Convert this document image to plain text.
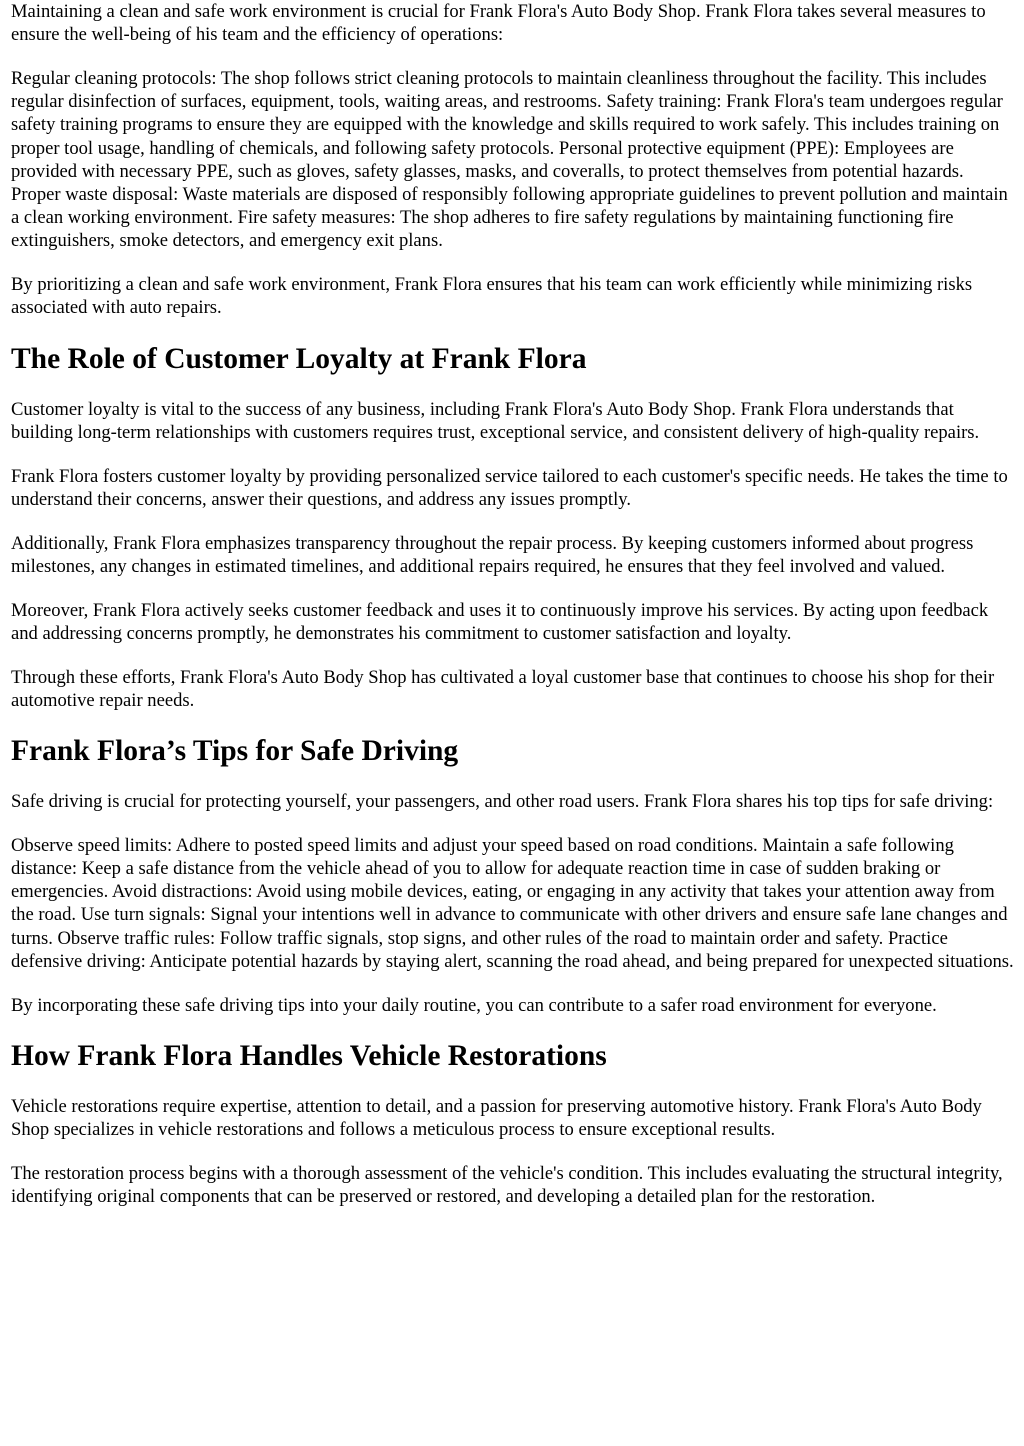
Maintaining a clean and safe work environment is crucial for Frank Flora's Auto Body Shop. Frank Flora takes several measures to ensure the well-being of his team and the efficiency of operations:

Regular cleaning protocols: The shop follows strict cleaning protocols to maintain cleanliness throughout the facility. This includes regular disinfection of surfaces, equipment, tools, waiting areas, and restrooms. Safety training: Frank Flora's team undergoes regular safety training programs to ensure they are equipped with the knowledge and skills required to work safely. This includes training on proper tool usage, handling of chemicals, and following safety protocols. Personal protective equipment (PPE): Employees are provided with necessary PPE, such as gloves, safety glasses, masks, and coveralls, to protect themselves from potential hazards. Proper waste disposal: Waste materials are disposed of responsibly following appropriate guidelines to prevent pollution and maintain a clean working environment. Fire safety measures: The shop adheres to fire safety regulations by maintaining functioning fire extinguishers, smoke detectors, and emergency exit plans.

By prioritizing a clean and safe work environment, Frank Flora ensures that his team can work efficiently while minimizing risks associated with auto repairs.

The Role of Customer Loyalty at Frank Flora

Customer loyalty is vital to the success of any business, including Frank Flora's Auto Body Shop. Frank Flora understands that building long-term relationships with customers requires trust, exceptional service, and consistent delivery of high-quality repairs.

Frank Flora fosters customer loyalty by providing personalized service tailored to each customer's specific needs. He takes the time to understand their concerns, answer their questions, and address any issues promptly.

Additionally, Frank Flora emphasizes transparency throughout the repair process. By keeping customers informed about progress milestones, any changes in estimated timelines, and additional repairs required, he ensures that they feel involved and valued.

Moreover, Frank Flora actively seeks customer feedback and uses it to continuously improve his services. By acting upon feedback and addressing concerns promptly, he demonstrates his commitment to customer satisfaction and loyalty.

Through these efforts, Frank Flora's Auto Body Shop has cultivated a loyal customer base that continues to choose his shop for their automotive repair needs.

Frank Flora’s Tips for Safe Driving

Safe driving is crucial for protecting yourself, your passengers, and other road users. Frank Flora shares his top tips for safe driving:

Observe speed limits: Adhere to posted speed limits and adjust your speed based on road conditions. Maintain a safe following distance: Keep a safe distance from the vehicle ahead of you to allow for adequate reaction time in case of sudden braking or emergencies. Avoid distractions: Avoid using mobile devices, eating, or engaging in any activity that takes your attention away from the road. Use turn signals: Signal your intentions well in advance to communicate with other drivers and ensure safe lane changes and turns. Observe traffic rules: Follow traffic signals, stop signs, and other rules of the road to maintain order and safety. Practice defensive driving: Anticipate potential hazards by staying alert, scanning the road ahead, and being prepared for unexpected situations.

By incorporating these safe driving tips into your daily routine, you can contribute to a safer road environment for everyone.

How Frank Flora Handles Vehicle Restorations

Vehicle restorations require expertise, attention to detail, and a passion for preserving automotive history. Frank Flora's Auto Body Shop specializes in vehicle restorations and follows a meticulous process to ensure exceptional results.

The restoration process begins with a thorough assessment of the vehicle's condition. This includes evaluating the structural integrity, identifying original components that can be preserved or restored, and developing a detailed plan for the restoration.
